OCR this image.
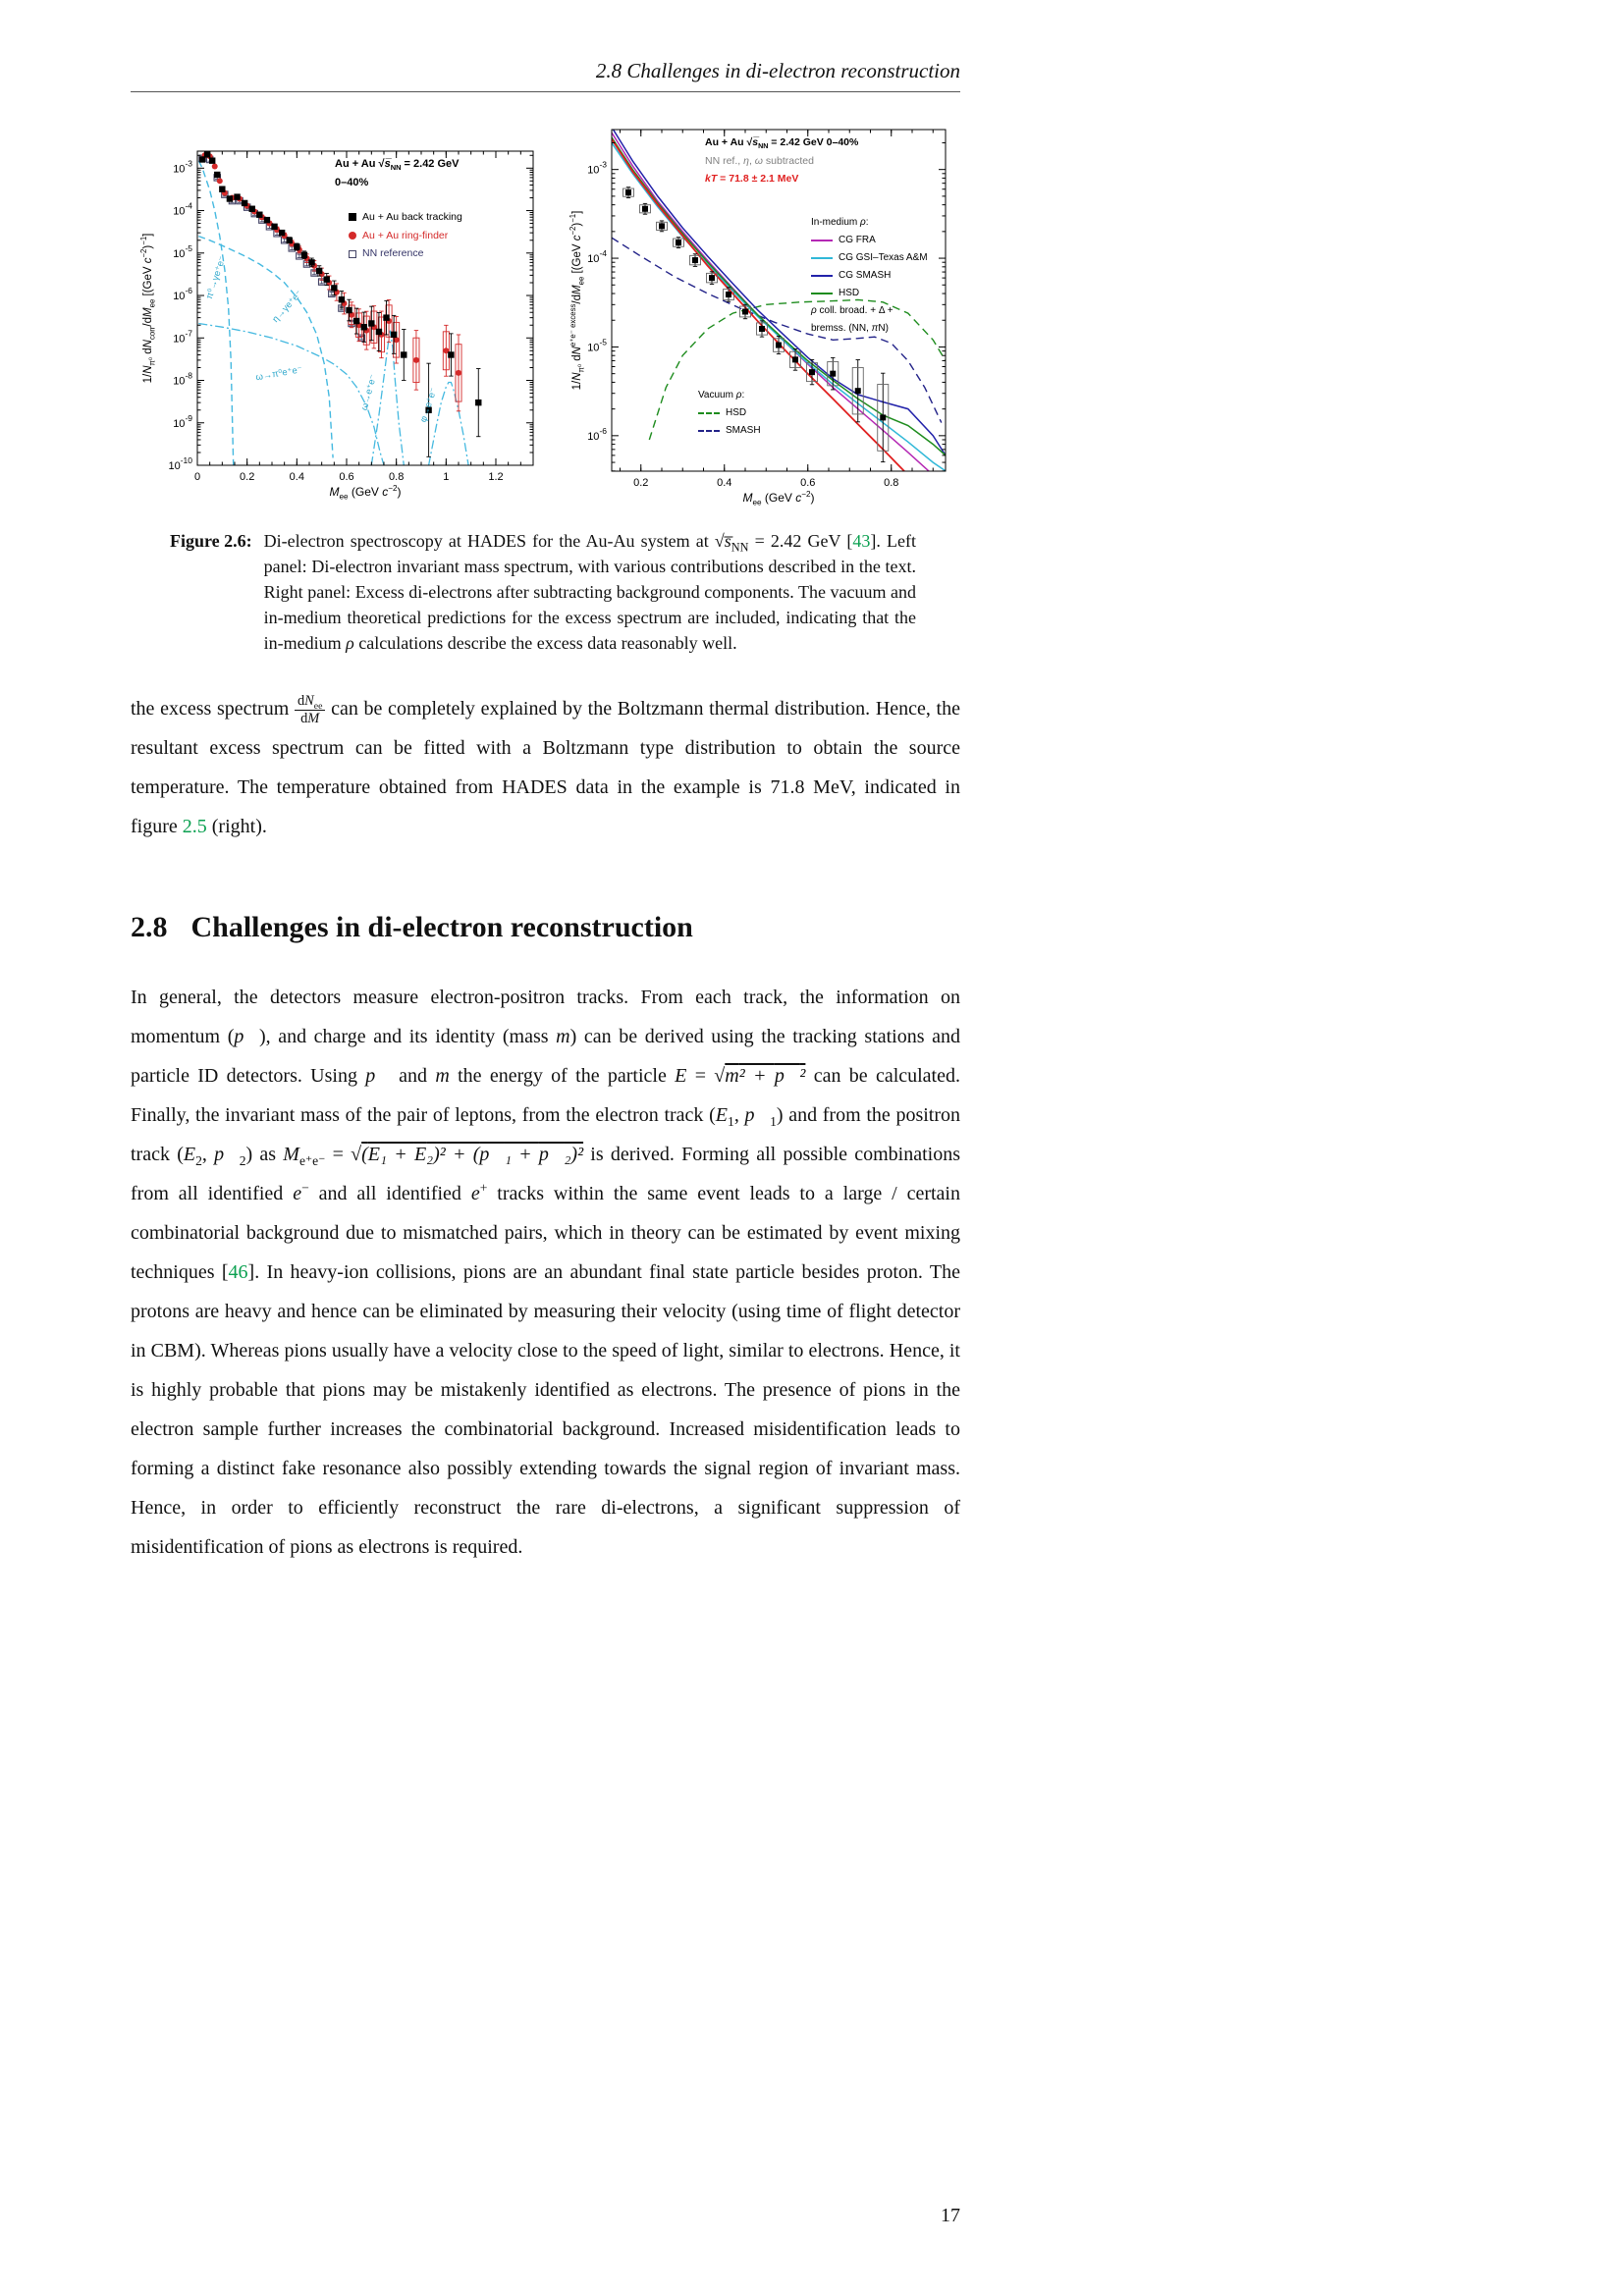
2.8 Challenges in di-electron reconstruction
0	0.2	0.4	0.6	0.8	1	1.2
$10^{-10}$
$10^{-9}$
$10^{-8}$
$10^{-7}$
$10^{-6}$
$10^{-5}$
$10^{-4}$
$10^{-3}$
π⁰→γe⁺e⁻
η→γe⁺e⁻
ω→π⁰e⁺e⁻	ω→e⁺e⁻	φ→e⁺e⁻
$M_{ee}$ (GeV $c^{-2}$)
$1/N_{\pi^0}$ $dN_{corr}/dM_{ee}$ [(GeV $c^{-2})^{-1}$]
Au + Au $√s̅_{NN} = 2.42$ GeV
0–40%
Au + Au back tracking
Au + Au ring-finder
NN reference
0.2	0.4	0.6	0.8
$10^{-6}$
$10^{-5}$
$10^{-4}$
$10^{-3}$
$M_{ee}$ (GeV $c^{-2}$)
$1/N_{\pi^0}$ $dN^{e^+e^- excess}/dM_{ee}$ [(GeV $c^{-2})^{-1}$]
Au + Au $√s̅_{NN} = 2.42$ GeV 0–40%
NN ref., η, ω subtracted
kT = 71.8 ± 2.1 MeV
In-medium ρ:
CG FRA
CG GSI–Texas A&M
CG SMASH
HSD
ρ coll. broad. + Δ +
bremss. (NN, πN)
Vacuum ρ:
HSD
SMASH
Figure 2.6: Di-electron spectroscopy at HADES for the Au-Au system at $√s̅_{NN} = 2.42$ GeV [43]. Left panel: Di-electron invariant mass spectrum, with various contributions described in the text. Right panel: Excess di-electrons after subtracting background components. The vacuum and in-medium theoretical predictions for the excess spectrum are included, indicating that the in-medium ρ calculations describe the excess data reasonably well.

the excess spectrum $\frac{dN_{ee}}{dM}$ can be completely explained by the Boltzmann thermal distribution. Hence, the resultant excess spectrum can be fitted with a Boltzmann type distribution to obtain the source temperature. The temperature obtained from HADES data in the example is 71.8 MeV, indicated in figure 2.5 (right).

2.8 Challenges in di-electron reconstruction

In general, the detectors measure electron-positron tracks. From each track, the information on momentum (p⃗), and charge and its identity (mass m) can be derived using the tracking stations and particle ID detectors. Using p⃗ and m the energy of the particle E = √m² + p⃗² can be calculated. Finally, the invariant mass of the pair of leptons, from the electron track ($E_1$, $p⃗_1$) and from the positron track ($E_2$, $p⃗_2$) as $M_{e^+e^-} = √(E_1 + E_2)^2$ + (p⃗₁ + p⃗₂)² is derived. Forming all possible combinations from all identified e− and all identified e+ tracks within the same event leads to a large / certain combinatorial background due to mismatched pairs, which in theory can be estimated by event mixing techniques [46]. In heavy-ion collisions, pions are an abundant final state particle besides proton. The protons are heavy and hence can be eliminated by measuring their velocity (using time of flight detector in CBM). Whereas pions usually have a velocity close to the speed of light, similar to electrons. Hence, it is highly probable that pions may be mistakenly identified as electrons. The presence of pions in the electron sample further increases the combinatorial background. Increased misidentification leads to forming a distinct fake resonance also possibly extending towards the signal region of invariant mass. Hence, in order to efficiently reconstruct the rare di-electrons, a significant suppression of misidentification of pions as electrons is required.

17
